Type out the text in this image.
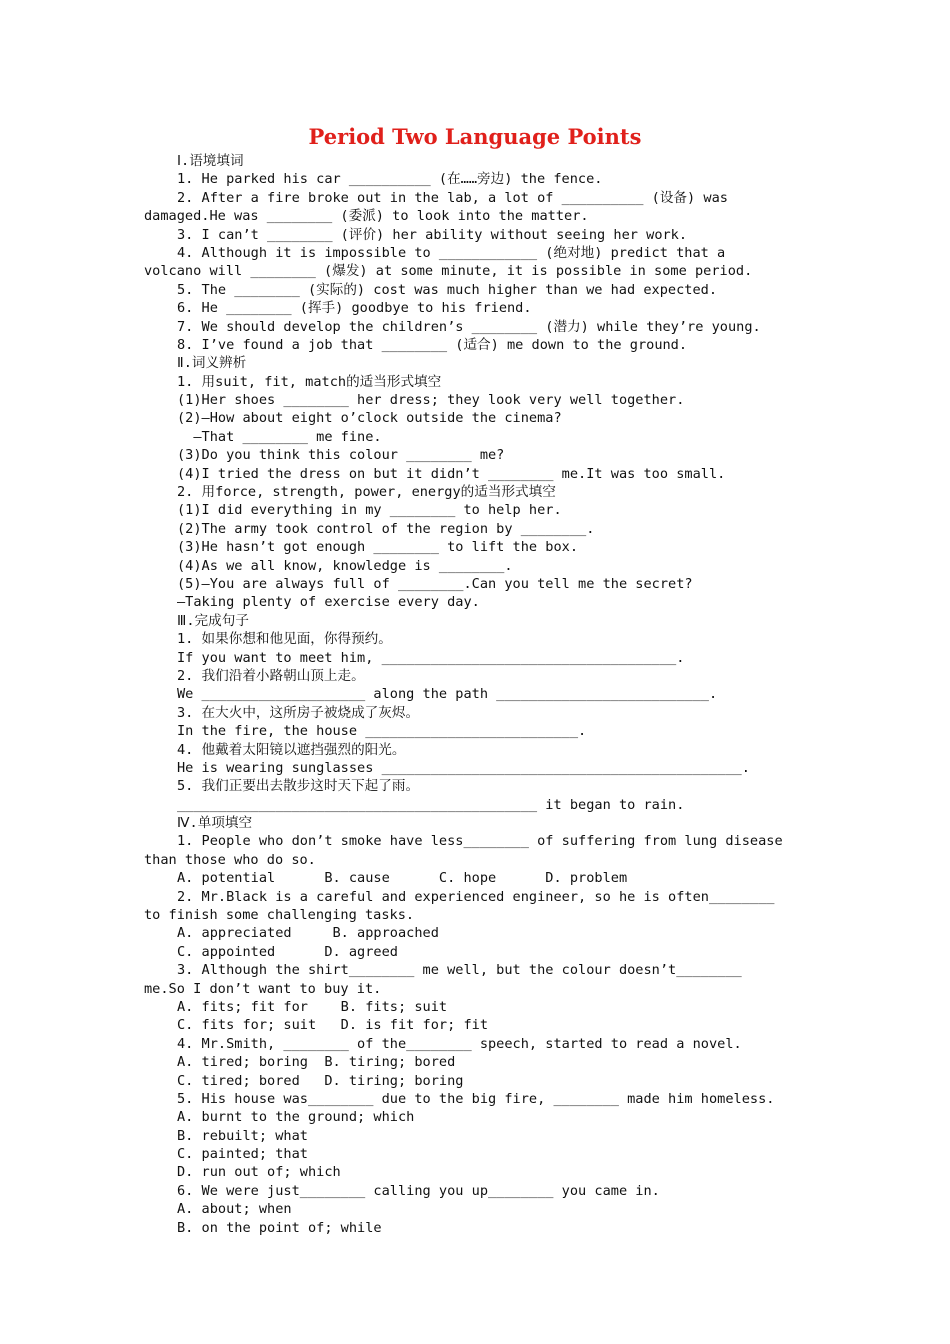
Period Two Language Points
Ⅰ.语境填词
1. He parked his car __________ (在……旁边) the fence.
2. After a fire broke out in the lab, a lot of __________ (设备) was
damaged.He was ________ (委派) to look into the matter.
3. I can’t ________ (评价) her ability without seeing her work.
4. Although it is impossible to ____________ (绝对地) predict that a
volcano will ________ (爆发) at some minute, it is possible in some period.
5. The ________ (实际的) cost was much higher than we had expected.
6. He ________ (挥手) goodbye to his friend.
7. We should develop the children’s ________ (潜力) while they’re young.
8. I’ve found a job that ________ (适合) me down to the ground.
Ⅱ.词义辨析
1. 用suit, fit, match的适当形式填空
(1)Her shoes ________ her dress; they look very well together.
(2)—How about eight o’clock outside the cinema?
—That ________ me fine.
(3)Do you think this colour ________ me?
(4)I tried the dress on but it didn’t ________ me.It was too small.
2. 用force, strength, power, energy的适当形式填空
(1)I did everything in my ________ to help her.
(2)The army took control of the region by ________.
(3)He hasn’t got enough ________ to lift the box.
(4)As we all know, knowledge is ________.
(5)—You are always full of ________.Can you tell me the secret?
—Taking plenty of exercise every day.
Ⅲ.完成句子
1. 如果你想和他见面，你得预约。
If you want to meet him, ____________________________________.
2. 我们沿着小路朝山顶上走。
We ____________________ along the path __________________________.
3. 在大火中，这所房子被烧成了灰烬。
In the fire, the house __________________________.
4. 他戴着太阳镜以遮挡强烈的阳光。
He is wearing sunglasses ____________________________________________.
5. 我们正要出去散步这时天下起了雨。
____________________________________________ it began to rain.
Ⅳ.单项填空
1. People who don’t smoke have less________ of suffering from lung disease
than those who do so.
A. potential      B. cause      C. hope      D. problem
2. Mr.Black is a careful and experienced engineer, so he is often________
to finish some challenging tasks.
A. appreciated     B. approached
C. appointed      D. agreed
3. Although the shirt________ me well, but the colour doesn’t________
me.So I don’t want to buy it.
A. fits; fit for    B. fits; suit
C. fits for; suit   D. is fit for; fit
4. Mr.Smith, ________ of the________ speech, started to read a novel.
A. tired; boring  B. tiring; bored
C. tired; bored   D. tiring; boring
5. His house was________ due to the big fire, ________ made him homeless.
A. burnt to the ground; which
B. rebuilt; what
C. painted; that
D. run out of; which
6. We were just________ calling you up________ you came in.
A. about; when
B. on the point of; while
